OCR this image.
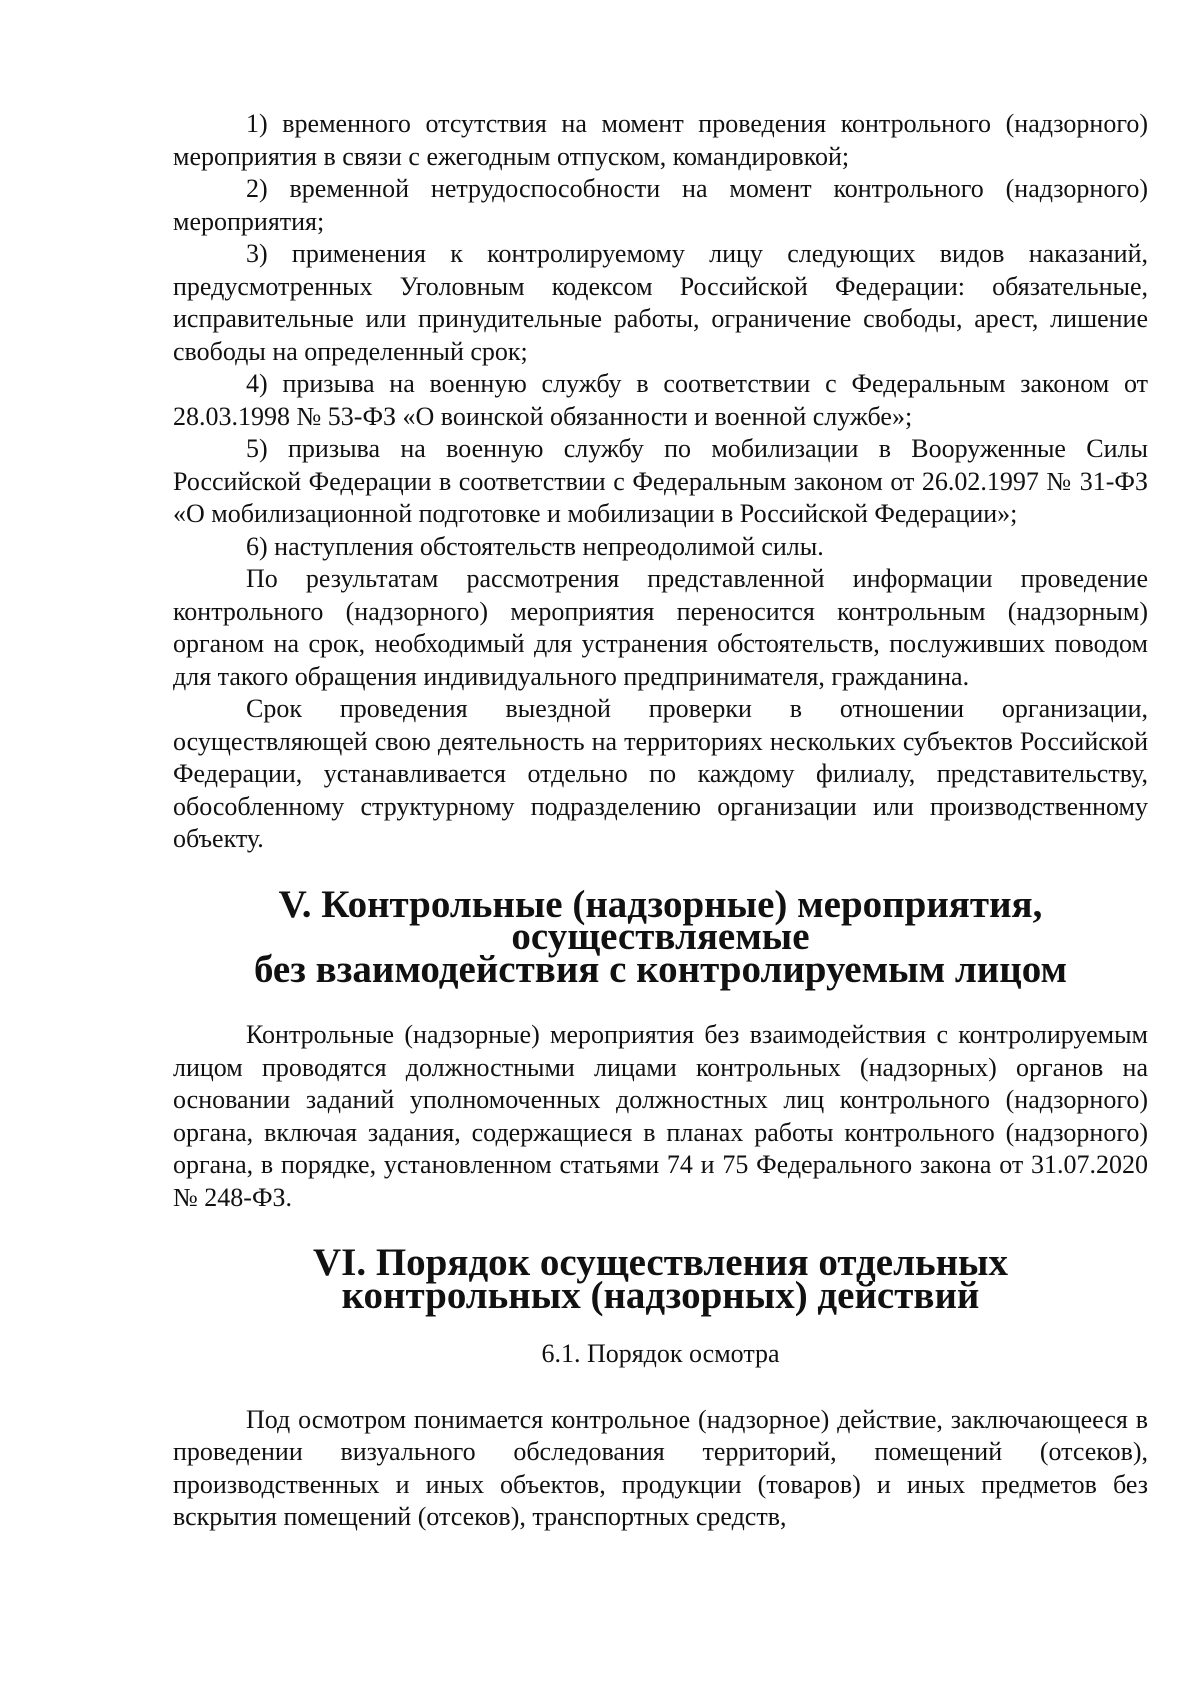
1) временного отсутствия на момент проведения контрольного (надзорного) мероприятия в связи с ежегодным отпуском, командировкой;

2) временной нетрудоспособности на момент контрольного (надзорного) мероприятия;

3) применения к контролируемому лицу следующих видов наказаний, предусмотренных Уголовным кодексом Российской Федерации: обязательные, исправительные или принудительные работы, ограничение свободы, арест, лишение свободы на определенный срок;

4) призыва на военную службу в соответствии с Федеральным законом от 28.03.1998 № 53-ФЗ «О воинской обязанности и военной службе»;

5) призыва на военную службу по мобилизации в Вооруженные Силы Российской Федерации в соответствии с Федеральным законом от 26.02.1997 № 31-ФЗ «О мобилизационной подготовке и мобилизации в Российской Федерации»;

6) наступления обстоятельств непреодолимой силы.

По результатам рассмотрения представленной информации проведение контрольного (надзорного) мероприятия переносится контрольным (надзорным) органом на срок, необходимый для устранения обстоятельств, послуживших поводом для такого обращения индивидуального предпринимателя, гражданина.

Срок проведения выездной проверки в отношении организации, осуществляющей свою деятельность на территориях нескольких субъектов Российской Федерации, устанавливается отдельно по каждому филиалу, представительству, обособленному структурному подразделению организации или производственному объекту.

V. Контрольные (надзорные) мероприятия, осуществляемые
без взаимодействия с контролируемым лицом

Контрольные (надзорные) мероприятия без взаимодействия с контролируемым лицом проводятся должностными лицами контрольных (надзорных) органов на основании заданий уполномоченных должностных лиц контрольного (надзорного) органа, включая задания, содержащиеся в планах работы контрольного (надзорного) органа, в порядке, установленном статьями 74 и 75 Федерального закона от 31.07.2020 № 248-ФЗ.

VI. Порядок осуществления отдельных
контрольных (надзорных) действий

6.1. Порядок осмотра

Под осмотром понимается контрольное (надзорное) действие, заключающееся в проведении визуального обследования территорий, помещений (отсеков), производственных и иных объектов, продукции (товаров) и иных предметов без вскрытия помещений (отсеков), транспортных средств,
